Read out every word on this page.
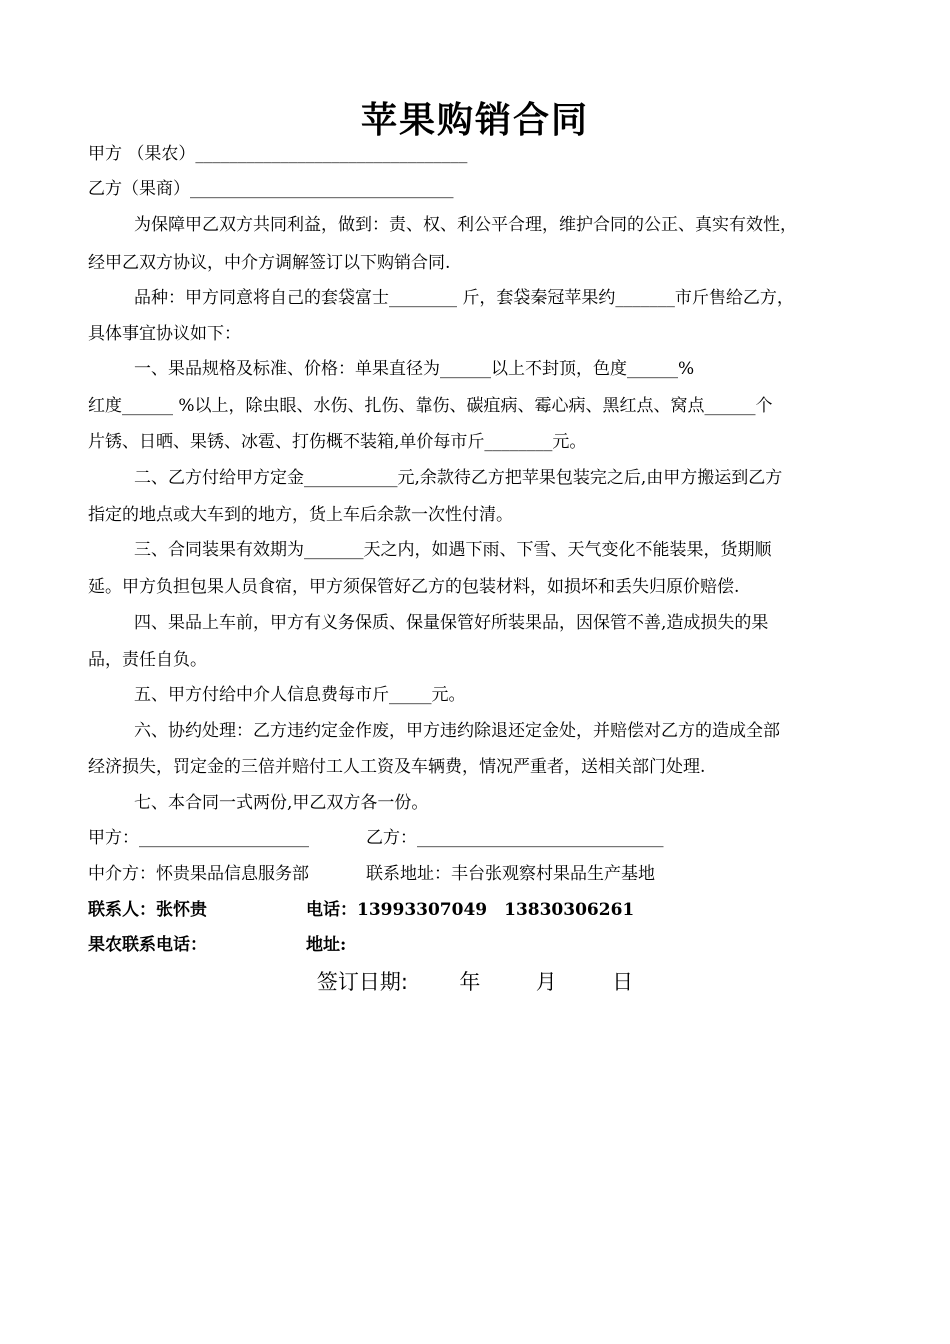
苹果购销合同
甲方 （果农）________________________________
乙方（果商）_______________________________
为保障甲乙双方共同利益，做到：责、权、利公平合理，维护合同的公正、真实有效性，
经甲乙双方协议，中介方调解签订以下购销合同.
品种：甲方同意将自己的套袋富士________ 斤，套袋秦冠苹果约_______市斤售给乙方，
具体事宜协议如下：
一、果品规格及标准、价格：单果直径为______以上不封顶，色度______%
红度______ %以上，除虫眼、水伤、扎伤、靠伤、碳疽病、霉心病、黑红点、窝点______个
片锈、日晒、果锈、冰雹、打伤概不装箱,单价每市斤________元。
二、乙方付给甲方定金___________元,余款待乙方把苹果包装完之后,由甲方搬运到乙方
指定的地点或大车到的地方，货上车后余款一次性付清。
三、合同装果有效期为_______天之内，如遇下雨、下雪、天气变化不能装果，货期顺
延。甲方负担包果人员食宿，甲方须保管好乙方的包装材料，如损坏和丢失归原价赔偿.
四、果品上车前，甲方有义务保质、保量保管好所装果品，因保管不善,造成损失的果
品，责任自负。
五、甲方付给中介人信息费每市斤_____元。
六、协约处理：乙方违约定金作废，甲方违约除退还定金处，并赔偿对乙方的造成全部
经济损失，罚定金的三倍并赔付工人工资及车辆费，情况严重者，送相关部门处理.
七、本合同一式两份,甲乙双方各一份。
甲方：____________________	乙方：_____________________________
中介方：怀贵果品信息服务部	联系地址：丰台张观察村果品生产基地
联系人：张怀贵	电话：13993307049　13830306261
果农联系电话：	地址:
签订日期: 年	月	日
